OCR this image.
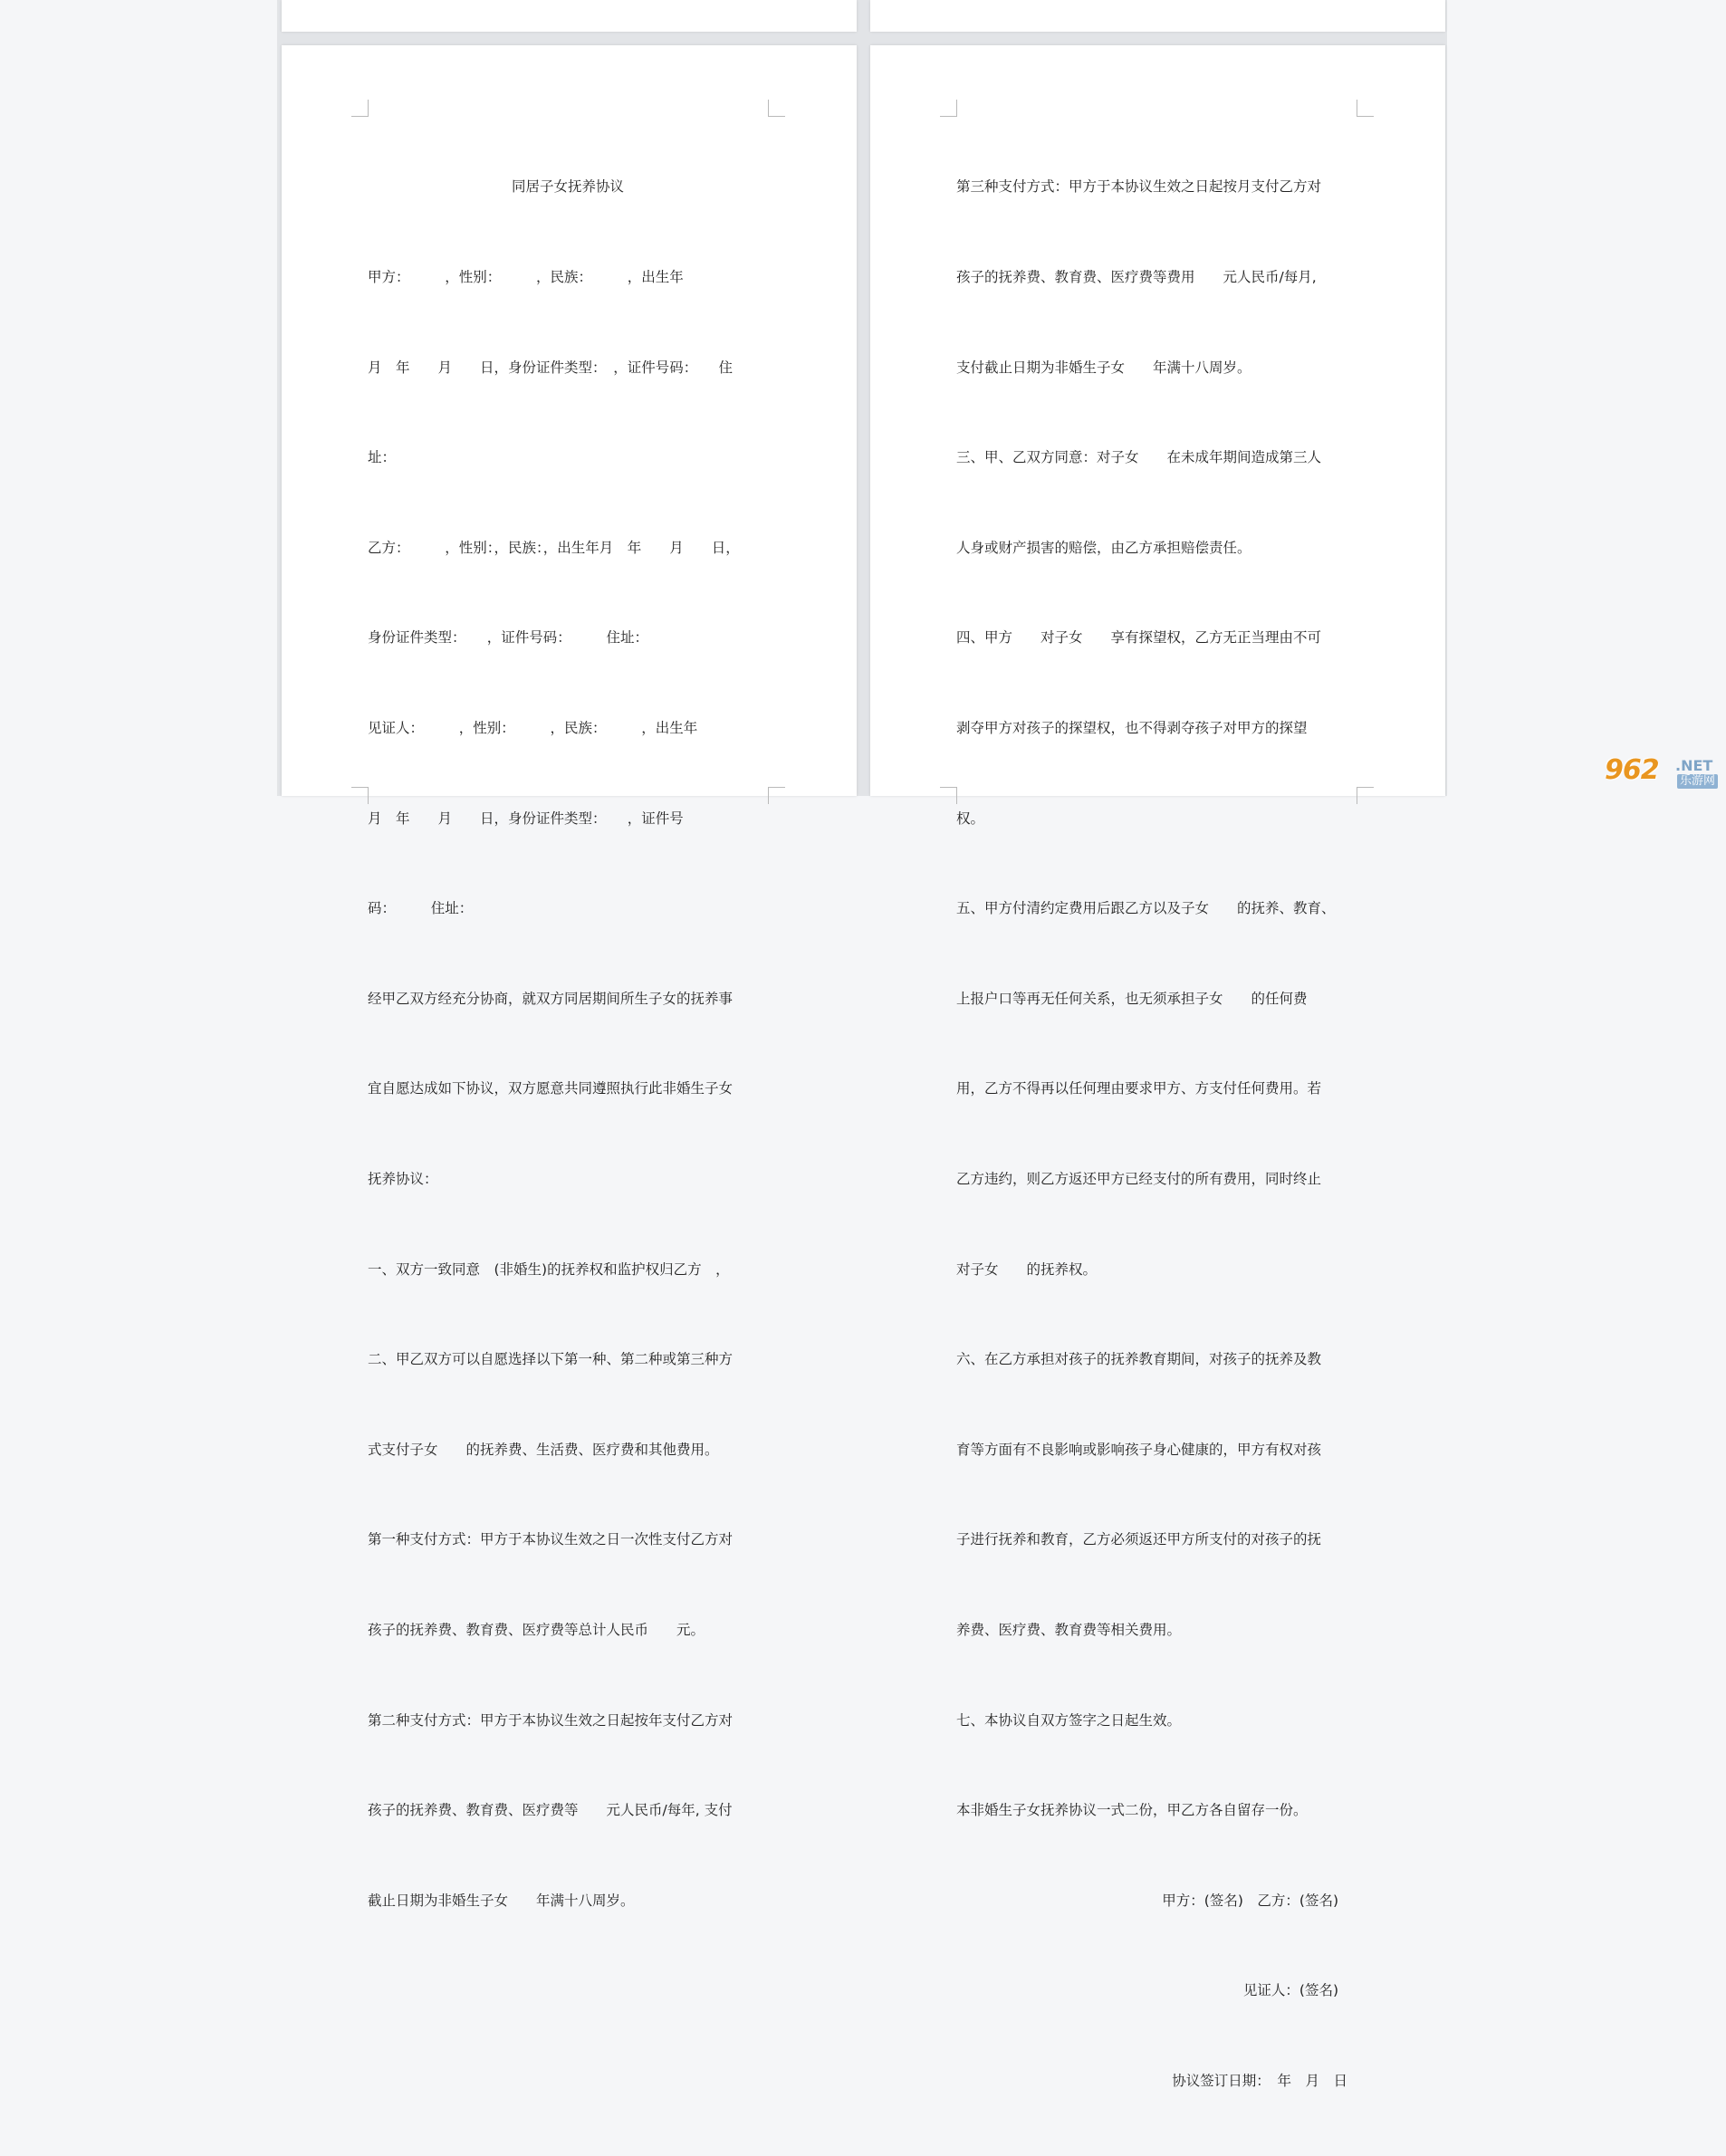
同居子女抚养协议

甲方：　　　，性别：　　　，民族：　　　，出生年

月　年　　月　　日，身份证件类型：　，证件号码：　　住

址：

乙方：　　　，性别：，民族：，出生年月　年　　月　　日，

身份证件类型：　　，证件号码：　　　住址：

见证人：　　　，性别：　　　，民族：　　　，出生年

月　年　　月　　日，身份证件类型：　　，证件号

码：　　　住址：

经甲乙双方经充分协商，就双方同居期间所生子女的抚养事

宜自愿达成如下协议，双方愿意共同遵照执行此非婚生子女

抚养协议：

一、双方一致同意　(非婚生)的抚养权和监护权归乙方　，

二、甲乙双方可以自愿选择以下第一种、第二种或第三种方

式支付子女　　的抚养费、生活费、医疗费和其他费用。

第一种支付方式：甲方于本协议生效之日一次性支付乙方对

孩子的抚养费、教育费、医疗费等总计人民币　　元。

第二种支付方式：甲方于本协议生效之日起按年支付乙方对

孩子的抚养费、教育费、医疗费等　　元人民币/每年, 支付

截止日期为非婚生子女　　年满十八周岁。

第三种支付方式：甲方于本协议生效之日起按月支付乙方对

孩子的抚养费、教育费、医疗费等费用　　元人民币/每月,

支付截止日期为非婚生子女　　年满十八周岁。

三、甲、乙双方同意：对子女　　在未成年期间造成第三人

人身或财产损害的赔偿，由乙方承担赔偿责任。

四、甲方　　对子女　　享有探望权，乙方无正当理由不可

剥夺甲方对孩子的探望权，也不得剥夺孩子对甲方的探望

权。

五、甲方付清约定费用后跟乙方以及子女　　的抚养、教育、

上报户口等再无任何关系，也无须承担子女　　的任何费

用，乙方不得再以任何理由要求甲方、方支付任何费用。若

乙方违约，则乙方返还甲方已经支付的所有费用，同时终止

对子女　　的抚养权。

六、在乙方承担对孩子的抚养教育期间，对孩子的抚养及教

育等方面有不良影响或影响孩子身心健康的，甲方有权对孩

子进行抚养和教育，乙方必须返还甲方所支付的对孩子的抚

养费、医疗费、教育费等相关费用。

七、本协议自双方签字之日起生效。

本非婚生子女抚养协议一式二份，甲乙方各自留存一份。

甲方：(签名)　乙方：(签名)

见证人：(签名)

协议签订日期：　年　月　日

962 .NET
乐游网
